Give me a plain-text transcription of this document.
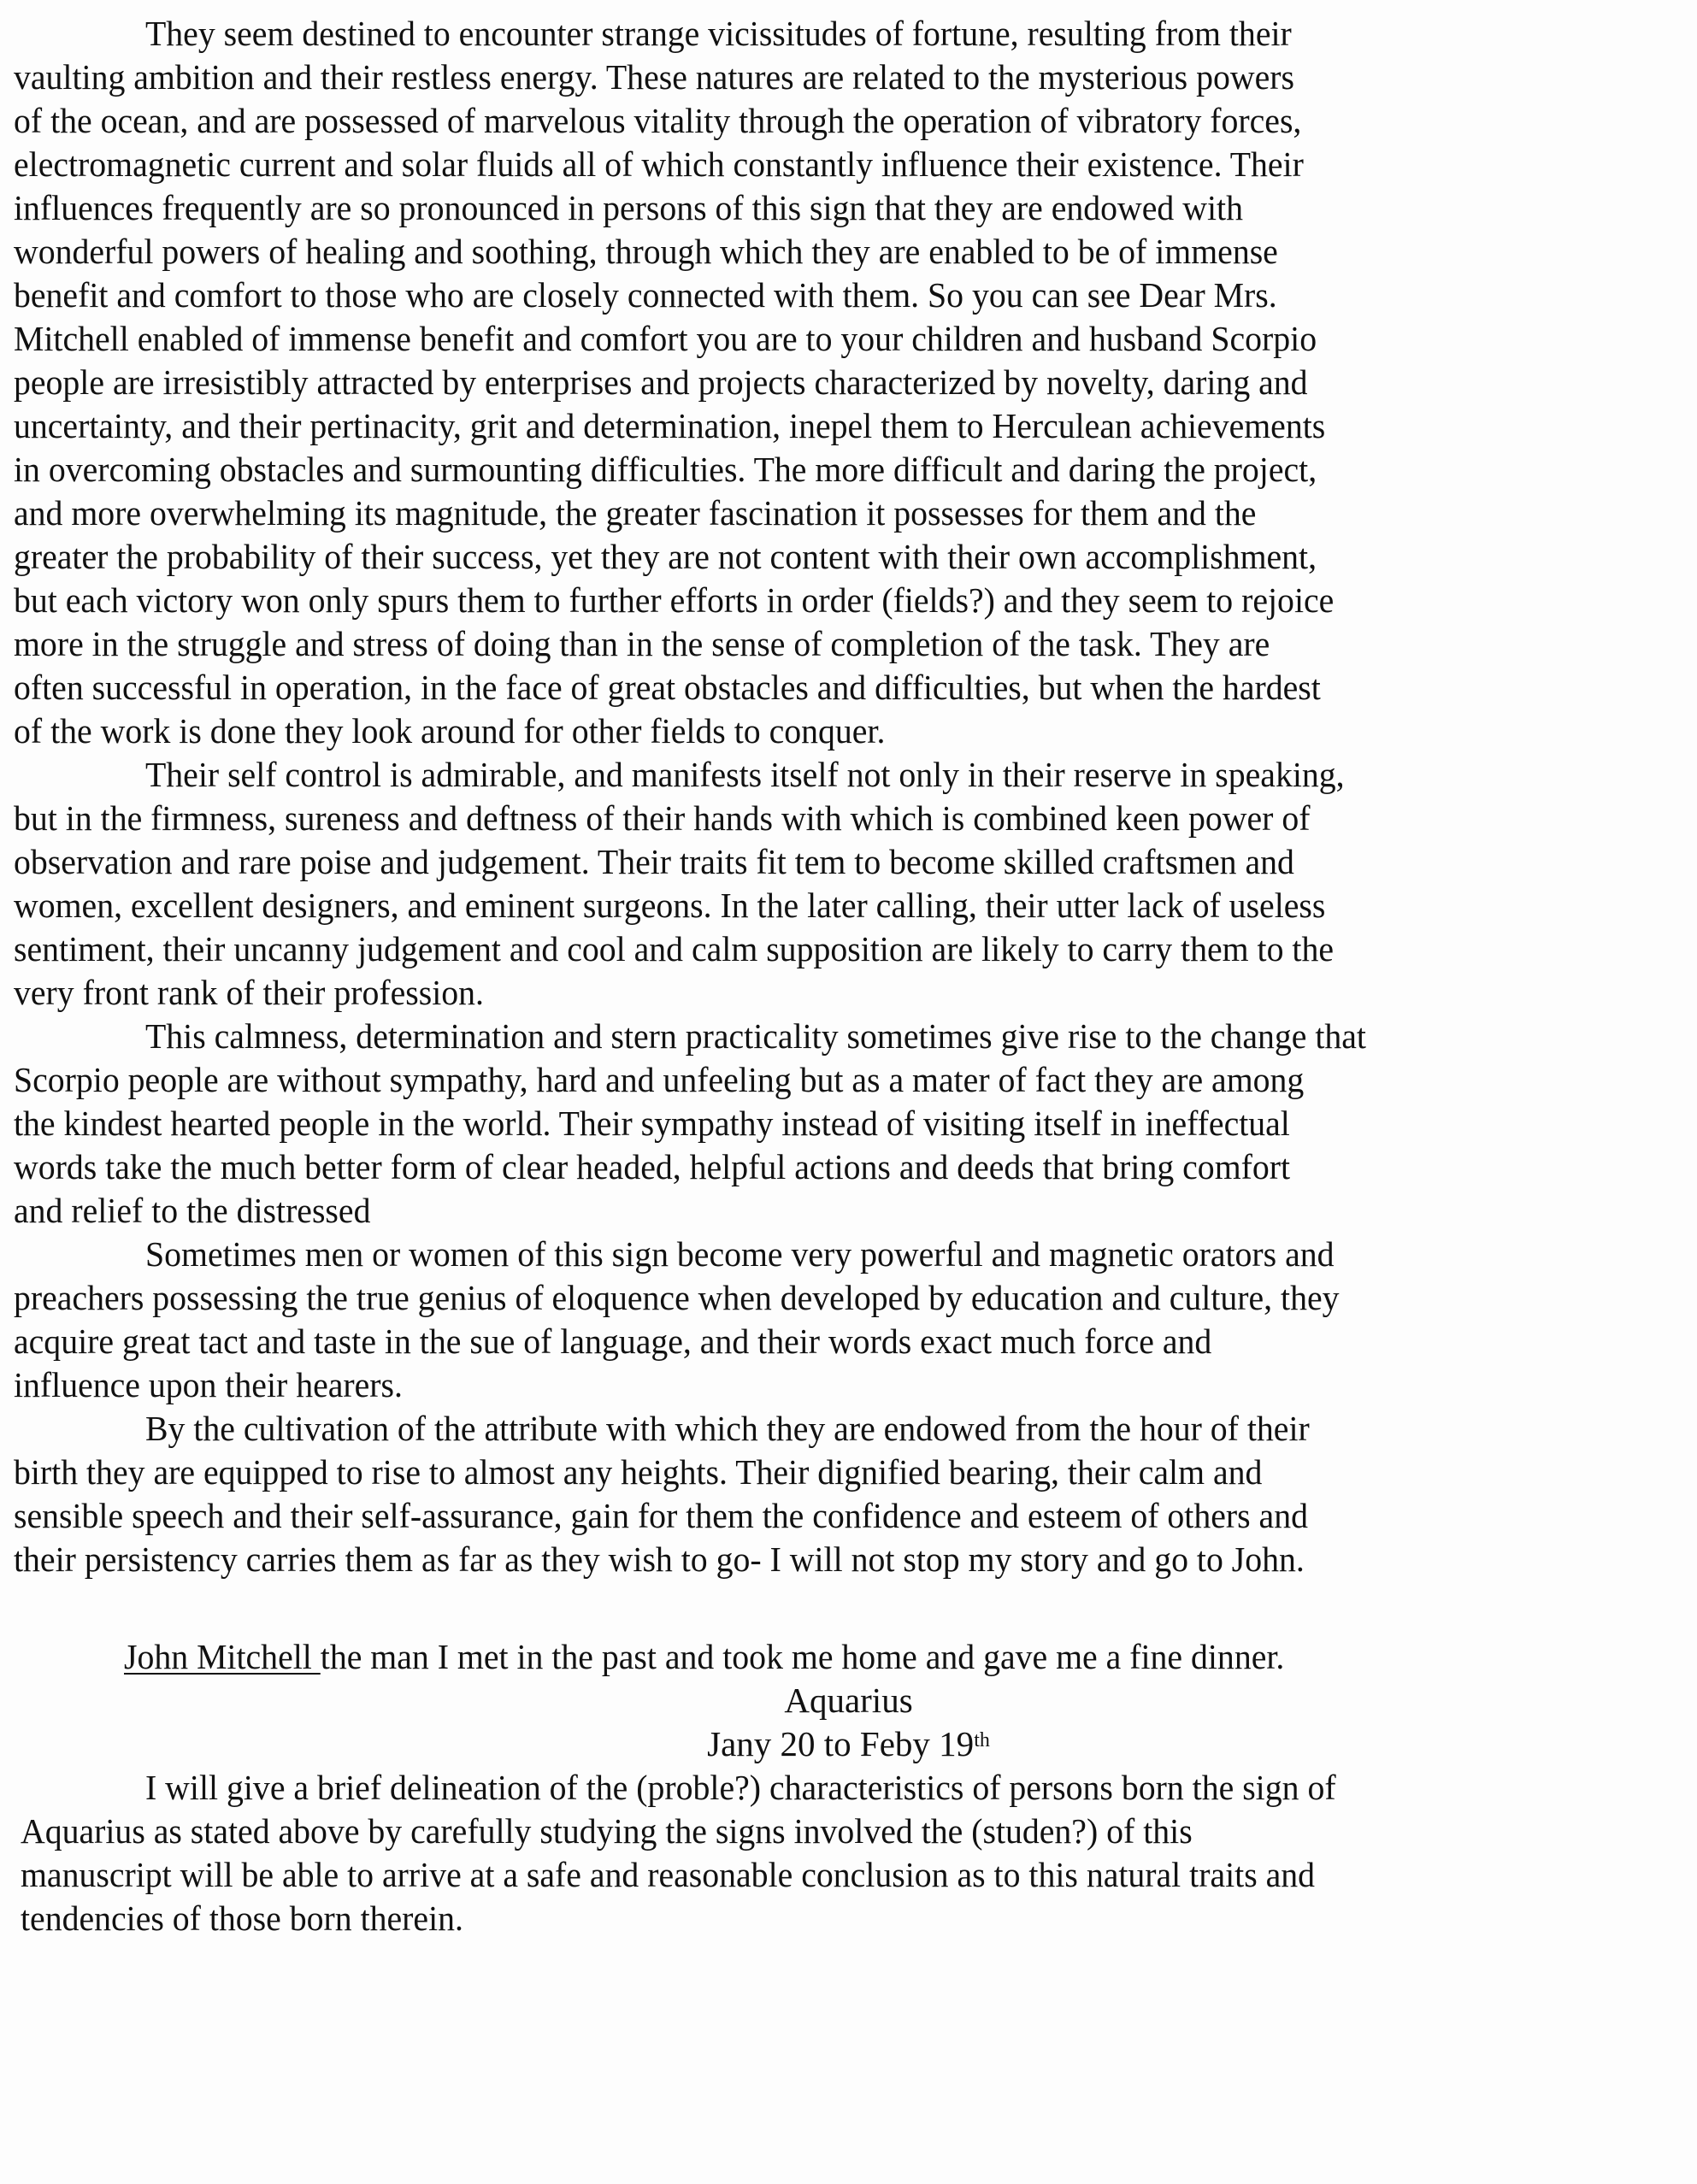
They seem destined to encounter strange vicissitudes of fortune, resulting from their
vaulting ambition and their restless energy. These natures are related to the mysterious powers
of the ocean, and are possessed of marvelous vitality through the operation of vibratory forces,
electromagnetic current and solar fluids all of which constantly influence their existence. Their
influences frequently are so pronounced in persons of this sign that they are endowed with
wonderful powers of healing and soothing, through which they are enabled to be of immense
benefit and comfort to those who are closely connected with them. So you can see Dear Mrs.
Mitchell enabled of immense benefit and comfort you are to your children and husband Scorpio
people are irresistibly attracted by enterprises and projects characterized by novelty, daring and
uncertainty, and their pertinacity, grit and determination, inepel them to Herculean achievements
in overcoming obstacles and surmounting difficulties. The more difficult and daring the project,
and more overwhelming its magnitude, the greater fascination it possesses for them and the
greater the probability of their success, yet they are not content with their own accomplishment,
but each victory won only spurs them to further efforts in order (fields?) and they seem to rejoice
more in the struggle and stress of doing than in the sense of completion of the task. They are
often successful in operation, in the face of great obstacles and difficulties, but when the hardest
of the work is done they look around for other fields to conquer.
Their self control is admirable, and manifests itself not only in their reserve in speaking,
but in the firmness, sureness and deftness of their hands with which is combined keen power of
observation and rare poise and judgement. Their traits fit tem to become skilled craftsmen and
women, excellent designers, and eminent surgeons. In the later calling, their utter lack of useless
sentiment, their uncanny judgement and cool and calm supposition are likely to carry them to the
very front rank of their profession.
This calmness, determination and stern practicality sometimes give rise to the change that
Scorpio people are without sympathy, hard and unfeeling but as a mater of fact they are among
the kindest hearted people in the world. Their sympathy instead of visiting itself in ineffectual
words take the much better form of clear headed, helpful actions and deeds that bring comfort
and relief to the distressed
Sometimes men or women of this sign become very powerful and magnetic orators and
preachers possessing the true genius of eloquence when developed by education and culture, they
acquire great tact and taste in the sue of language, and their words exact much force and
influence upon their hearers.
By the cultivation of the attribute with which they are endowed from the hour of their
birth they are equipped to rise to almost any heights. Their dignified bearing, their calm and
sensible speech and their self-assurance, gain for them the confidence and esteem of others and
their persistency carries them as far as they wish to go- I will not stop my story and go to John.
John Mitchell the man I met in the past and took me home and gave me a fine dinner.
Aquarius
Jany 20 to Feby 19th
I will give a brief delineation of the (proble?) characteristics of persons born the sign of
Aquarius as stated above by carefully studying the signs involved the (studen?) of this
manuscript will be able to arrive at a safe and reasonable conclusion as to this natural traits and
tendencies of those born therein.
